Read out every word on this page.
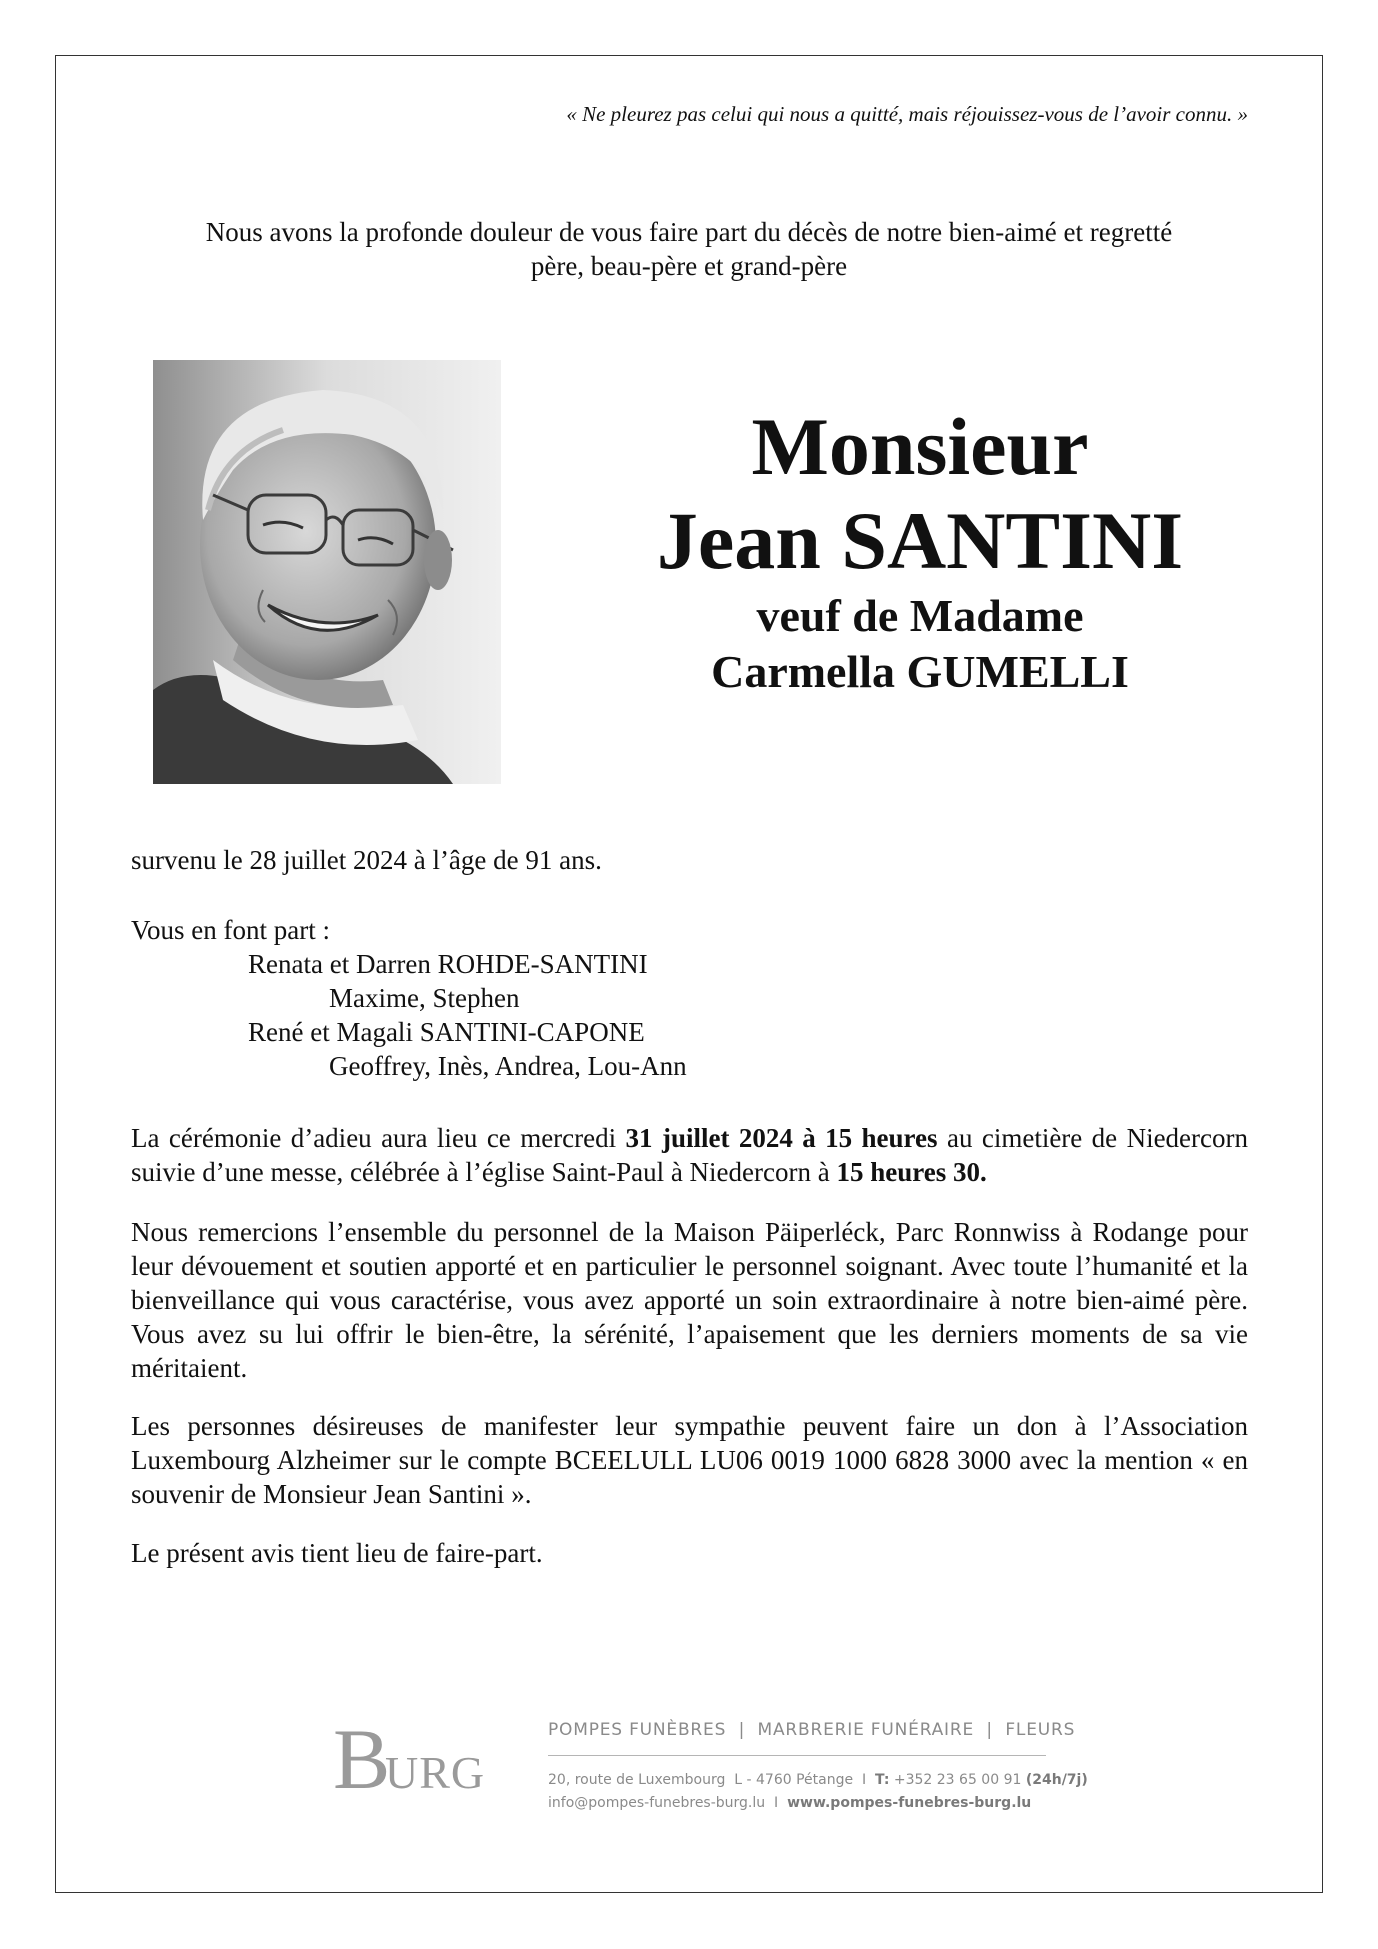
« Ne pleurez pas celui qui nous a quitté, mais réjouissez-vous de l’avoir connu. »
Nous avons la profonde douleur de vous faire part du décès de notre bien-aimé et regretté
père, beau-père et grand-père
Monsieur
Jean SANTINI
veuf de Madame
Carmella GUMELLI
survenu le 28 juillet 2024 à l’âge de 91 ans.
Vous en font part :
Renata et Darren ROHDE-SANTINI
Maxime, Stephen
René et Magali SANTINI-CAPONE
Geoffrey, Inès, Andrea, Lou-Ann
La cérémonie d’adieu aura lieu ce mercredi 31 juillet 2024 à 15 heures au cimetière de Niedercorn suivie d’une messe, célébrée à l’église Saint-Paul à Niedercorn à 15 heures 30.
Nous remercions l’ensemble du personnel de la Maison Päiperléck, Parc Ronnwiss à Rodange pour leur dévouement et soutien apporté et en particulier le personnel soignant. Avec toute l’humanité et la bienveillance qui vous caractérise, vous avez apporté un soin extraordinaire à notre bien-aimé père. Vous avez su lui offrir le bien-être, la sérénité, l’apaisement que les derniers moments de sa vie méritaient.
Les personnes désireuses de manifester leur sympathie peuvent faire un don à l’Association Luxembourg Alzheimer sur le compte BCEELULL LU06 0019 1000 6828 3000 avec la mention « en souvenir de Monsieur Jean Santini ».
Le présent avis tient lieu de faire-part.
B
URG
POMPES FUNÈBRES  |  MARBRERIE FUNÉRAIRE  |  FLEURS
20, route de Luxembourg  L - 4760 Pétange  I  T: +352 23 65 00 91 (24h/7j)
info@pompes-funebres-burg.lu  I  www.pompes-funebres-burg.lu
